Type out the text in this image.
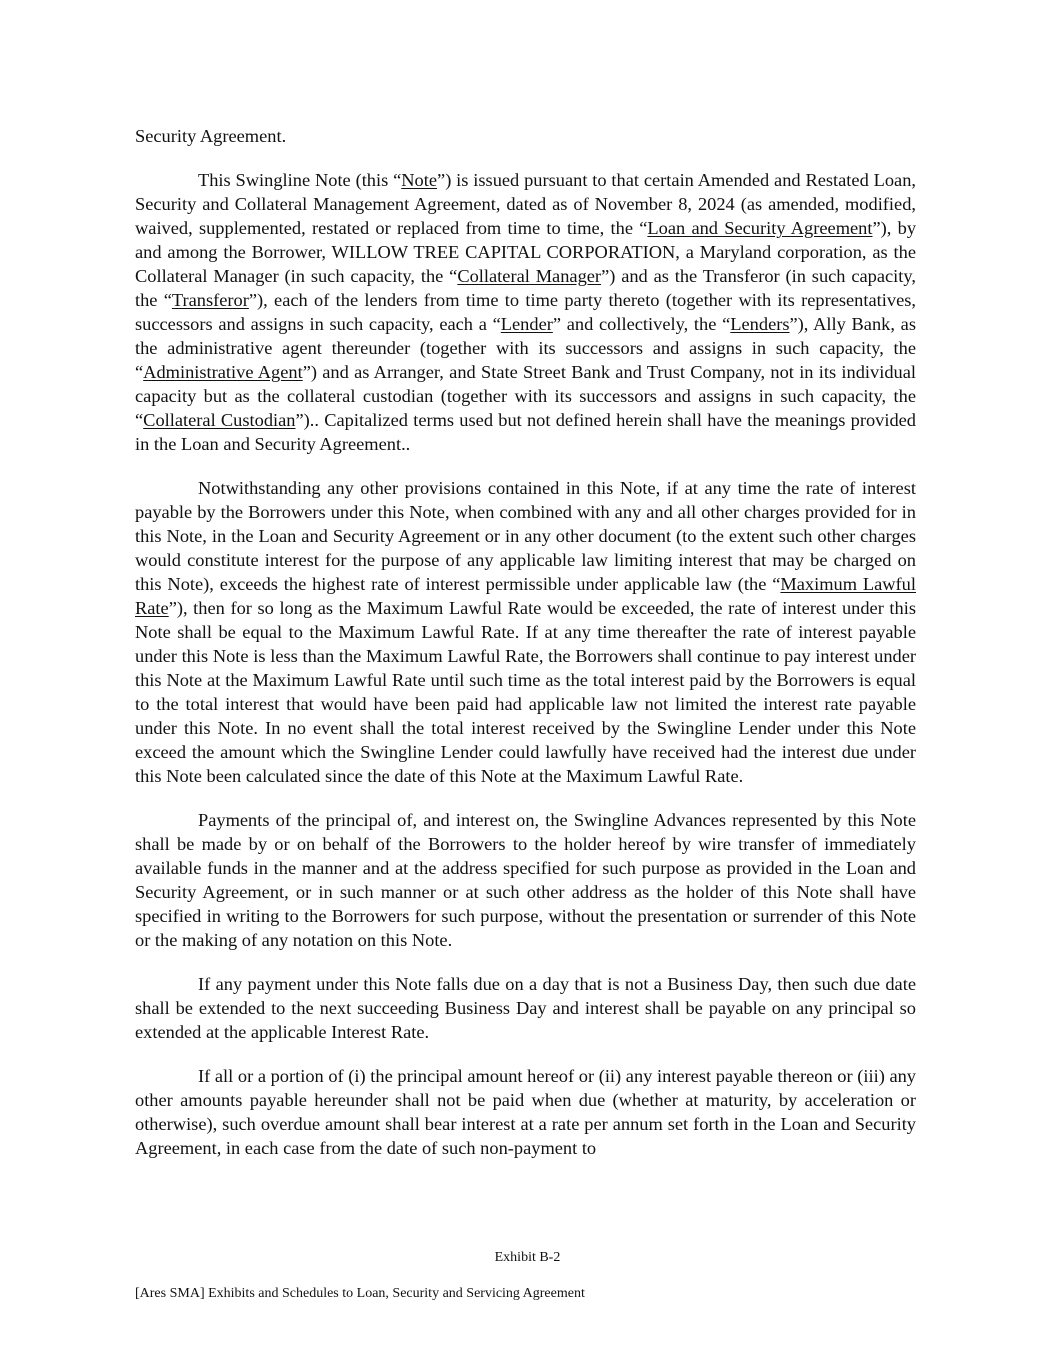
Security Agreement.

This Swingline Note (this “Note”) is issued pursuant to that certain Amended and Restated Loan, Security and Collateral Management Agreement, dated as of November 8, 2024 (as amended, modified, waived, supplemented, restated or replaced from time to time, the “Loan and Security Agreement”), by and among the Borrower, WILLOW TREE CAPITAL CORPORATION, a Maryland corporation, as the Collateral Manager (in such capacity, the “Collateral Manager”) and as the Transferor (in such capacity, the “Transferor”), each of the lenders from time to time party thereto (together with its representatives, successors and assigns in such capacity, each a “Lender” and collectively, the “Lenders”), Ally Bank, as the administrative agent thereunder (together with its successors and assigns in such capacity, the “Administrative Agent”) and as Arranger, and State Street Bank and Trust Company, not in its individual capacity but as the collateral custodian (together with its successors and assigns in such capacity, the “Collateral Custodian”).. Capitalized terms used but not defined herein shall have the meanings provided in the Loan and Security Agreement..

Notwithstanding any other provisions contained in this Note, if at any time the rate of interest payable by the Borrowers under this Note, when combined with any and all other charges provided for in this Note, in the Loan and Security Agreement or in any other document (to the extent such other charges would constitute interest for the purpose of any applicable law limiting interest that may be charged on this Note), exceeds the highest rate of interest permissible under applicable law (the “Maximum Lawful Rate”), then for so long as the Maximum Lawful Rate would be exceeded, the rate of interest under this Note shall be equal to the Maximum Lawful Rate. If at any time thereafter the rate of interest payable under this Note is less than the Maximum Lawful Rate, the Borrowers shall continue to pay interest under this Note at the Maximum Lawful Rate until such time as the total interest paid by the Borrowers is equal to the total interest that would have been paid had applicable law not limited the interest rate payable under this Note. In no event shall the total interest received by the Swingline Lender under this Note exceed the amount which the Swingline Lender could lawfully have received had the interest due under this Note been calculated since the date of this Note at the Maximum Lawful Rate.

Payments of the principal of, and interest on, the Swingline Advances represented by this Note shall be made by or on behalf of the Borrowers to the holder hereof by wire transfer of immediately available funds in the manner and at the address specified for such purpose as provided in the Loan and Security Agreement, or in such manner or at such other address as the holder of this Note shall have specified in writing to the Borrowers for such purpose, without the presentation or surrender of this Note or the making of any notation on this Note.

If any payment under this Note falls due on a day that is not a Business Day, then such due date shall be extended to the next succeeding Business Day and interest shall be payable on any principal so extended at the applicable Interest Rate.

If all or a portion of (i) the principal amount hereof or (ii) any interest payable thereon or (iii) any other amounts payable hereunder shall not be paid when due (whether at maturity, by acceleration or otherwise), such overdue amount shall bear interest at a rate per annum set forth in the Loan and Security Agreement, in each case from the date of such non-payment to

Exhibit B-2
[Ares SMA] Exhibits and Schedules to Loan, Security and Servicing Agreement
